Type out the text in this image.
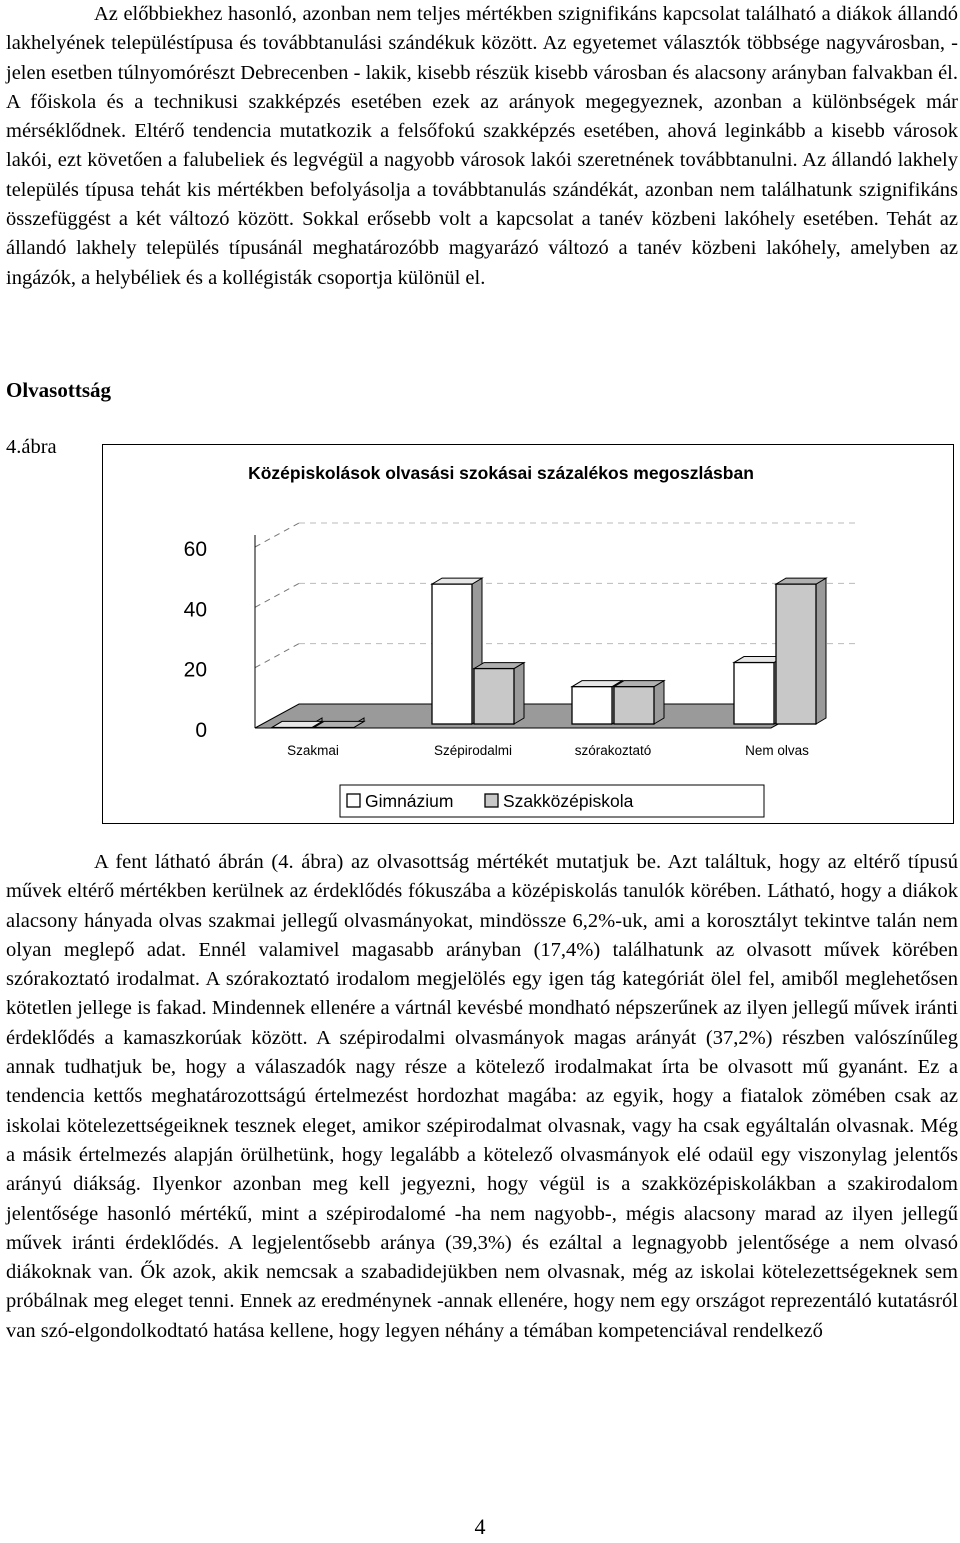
Az előbbiekhez hasonló, azonban nem teljes mértékben szignifikáns kapcsolat található a diákok állandó lakhelyének településtípusa és továbbtanulási szándékuk között. Az egyetemet választók többsége nagyvárosban, - jelen esetben túlnyomórészt Debrecenben - lakik, kisebb részük kisebb városban és alacsony arányban falvakban él. A főiskola és a technikusi szakképzés esetében ezek az arányok megegyeznek, azonban a különbségek már mérséklődnek. Eltérő tendencia mutatkozik a felsőfokú szakképzés esetében, ahová leginkább a kisebb városok lakói, ezt követően a falubeliek és legvégül a nagyobb városok lakói szeretnének továbbtanulni. Az állandó lakhely település típusa tehát kis mértékben befolyásolja a továbbtanulás szándékát, azonban nem találhatunk szignifikáns összefüggést a két változó között. Sokkal erősebb volt a kapcsolat a tanév közbeni lakóhely esetében. Tehát az állandó lakhely település típusánál meghatározóbb magyarázó változó a tanév közbeni lakóhely, amelyben az ingázók, a helybéliek és a kollégisták csoportja különül el.

Olvasottság

4.ábra

Középiskolások olvasási szokásai százalékos megoszlásban
0
20
40
60
Szakmai	Szépirodalmi	szórakoztató	Nem olvas
Gimnázium	Szakközépiskola

A fent látható ábrán (4. ábra) az olvasottság mértékét mutatjuk be. Azt találtuk, hogy az eltérő típusú művek eltérő mértékben kerülnek az érdeklődés fókuszába a középiskolás tanulók körében. Látható, hogy a diákok alacsony hányada olvas szakmai jellegű olvasmányokat, mindössze 6,2%-uk, ami a korosztályt tekintve talán nem olyan meglepő adat. Ennél valamivel magasabb arányban (17,4%) találhatunk az olvasott művek körében szórakoztató irodalmat. A szórakoztató irodalom megjelölés egy igen tág kategóriát ölel fel, amiből meglehetősen kötetlen jellege is fakad. Mindennek ellenére a vártnál kevésbé mondható népszerűnek az ilyen jellegű művek iránti érdeklődés a kamaszkorúak között. A szépirodalmi olvasmányok magas arányát (37,2%) részben valószínűleg annak tudhatjuk be, hogy a válaszadók nagy része a kötelező irodalmakat írta be olvasott mű gyanánt. Ez a tendencia kettős meghatározottságú értelmezést hordozhat magába: az egyik, hogy a fiatalok zömében csak az iskolai kötelezettségeiknek tesznek eleget, amikor szépirodalmat olvasnak, vagy ha csak egyáltalán olvasnak. Még a másik értelmezés alapján örülhetünk, hogy legalább a kötelező olvasmányok elé odaül egy viszonylag jelentős arányú diákság. Ilyenkor azonban meg kell jegyezni, hogy végül is a szakközépiskolákban a szakirodalom jelentősége hasonló mértékű, mint a szépirodalomé -ha nem nagyobb-, mégis alacsony marad az ilyen jellegű művek iránti érdeklődés. A legjelentősebb aránya (39,3%) és ezáltal a legnagyobb jelentősége a nem olvasó diákoknak van. Ők azok, akik nemcsak a szabadidejükben nem olvasnak, még az iskolai kötelezettségeknek sem próbálnak meg eleget tenni. Ennek az eredménynek -annak ellenére, hogy nem egy országot reprezentáló kutatásról van szó-elgondolkodtató hatása kellene, hogy legyen néhány a témában kompetenciával rendelkező

4
